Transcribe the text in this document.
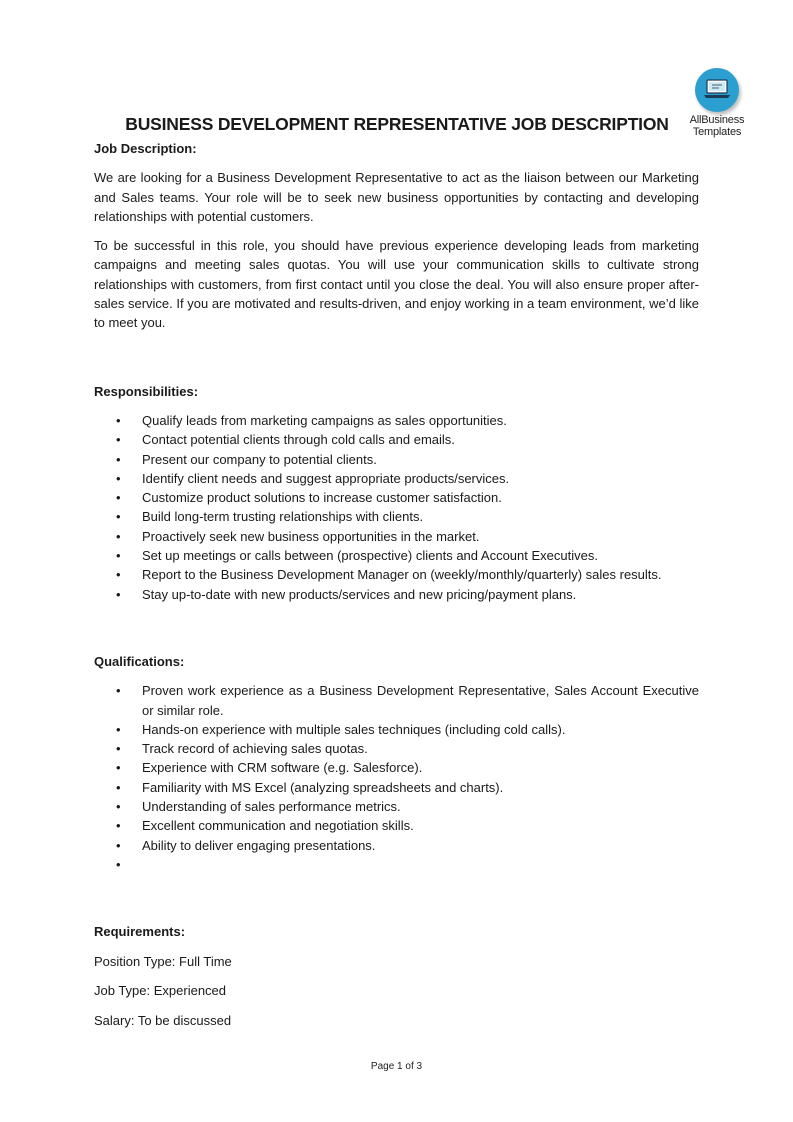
AllBusiness
Templates
BUSINESS DEVELOPMENT REPRESENTATIVE JOB DESCRIPTION
Job Description:

We are looking for a Business Development Representative to act as the liaison between our Marketing and Sales teams. Your role will be to seek new business opportunities by contacting and developing relationships with potential customers.

To be successful in this role, you should have previous experience developing leads from marketing campaigns and meeting sales quotas. You will use your communication skills to cultivate strong relationships with customers, from first contact until you close the deal. You will also ensure proper after-sales service. If you are motivated and results-driven, and enjoy working in a team environment, we’d like to meet you.

Responsibilities:
• Qualify leads from marketing campaigns as sales opportunities.
• Contact potential clients through cold calls and emails.
• Present our company to potential clients.
• Identify client needs and suggest appropriate products/services.
• Customize product solutions to increase customer satisfaction.
• Build long-term trusting relationships with clients.
• Proactively seek new business opportunities in the market.
• Set up meetings or calls between (prospective) clients and Account Executives.
• Report to the Business Development Manager on (weekly/monthly/quarterly) sales results.
• Stay up-to-date with new products/services and new pricing/payment plans.
Qualifications:
• Proven work experience as a Business Development Representative, Sales Account Executive or similar role.
• Hands-on experience with multiple sales techniques (including cold calls).
• Track record of achieving sales quotas.
• Experience with CRM software (e.g. Salesforce).
• Familiarity with MS Excel (analyzing spreadsheets and charts).
• Understanding of sales performance metrics.
• Excellent communication and negotiation skills.
• Ability to deliver engaging presentations.
•
Requirements:
Position Type: Full Time
Job Type: Experienced
Salary: To be discussed
Page 1 of 3
